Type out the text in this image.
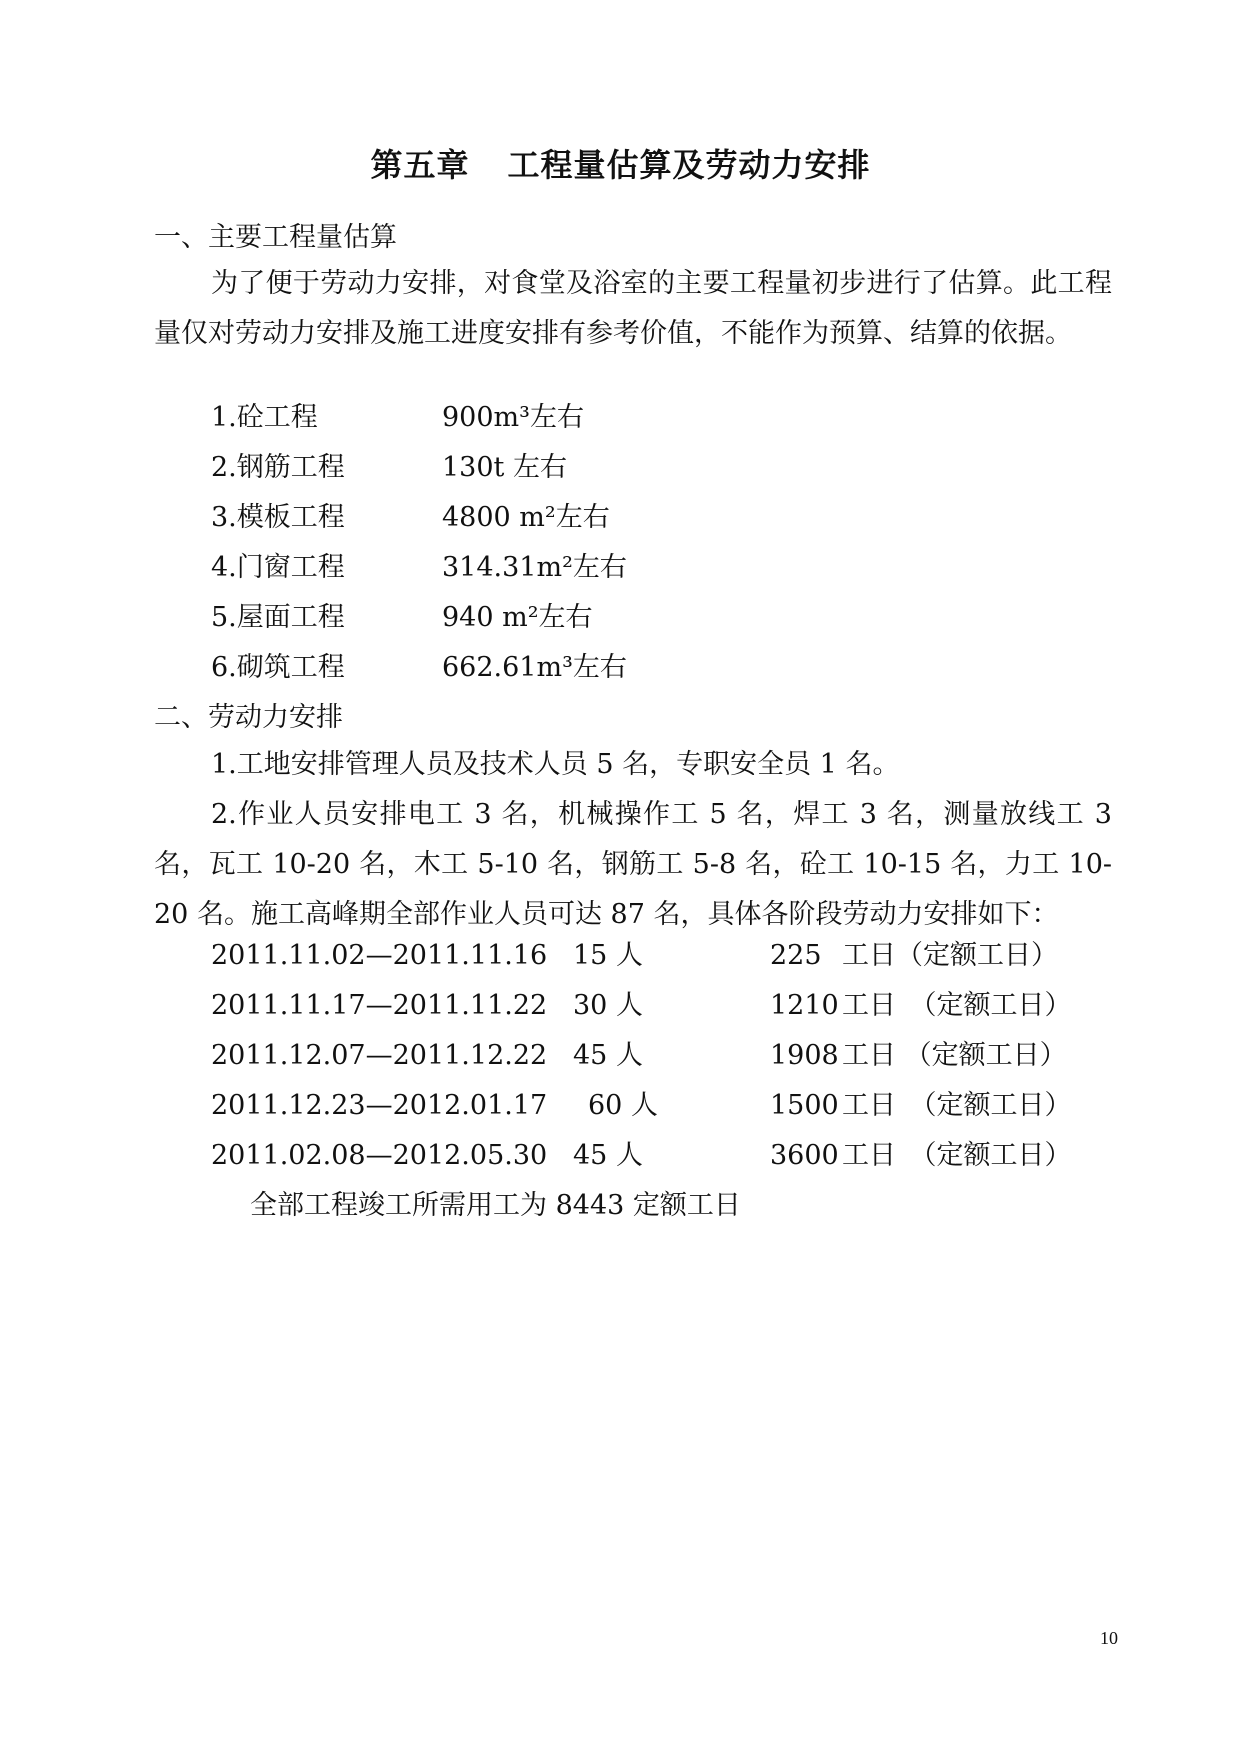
第五章 工程量估算及劳动力安排
一、主要工程量估算
为了便于劳动力安排，对食堂及浴室的主要工程量初步进行了估算。此工程量仅对劳动力安排及施工进度安排有参考价值，不能作为预算、结算的依据。
1.砼工程	900m³左右
2.钢筋工程	130t 左右
3.模板工程	4800 m²左右
4.门窗工程	314.31m²左右
5.屋面工程	940 m²左右
6.砌筑工程	662.61m³左右
二、劳动力安排
1.工地安排管理人员及技术人员 5 名，专职安全员 1 名。
2.作业人员安排电工 3 名，机械操作工 5 名，焊工 3 名，测量放线工 3 名，瓦工 10-20 名，木工 5-10 名，钢筋工 5-8 名，砼工 10-15 名，力工 10-20 名。施工高峰期全部作业人员可达 87 名，具体各阶段劳动力安排如下：
2011.11.02—2011.11.16 15 人	225 工日（定额工日）
2011.11.17—2011.11.22 30 人	1210 工日　（定额工日）
2011.12.07—2011.12.22 45 人	1908 工日 （定额工日）
2011.12.23—2012.01.17 60 人	1500 工日　（定额工日）
2011.02.08—2012.05.30 45 人	3600 工日　（定额工日）
全部工程竣工所需用工为 8443 定额工日
10
